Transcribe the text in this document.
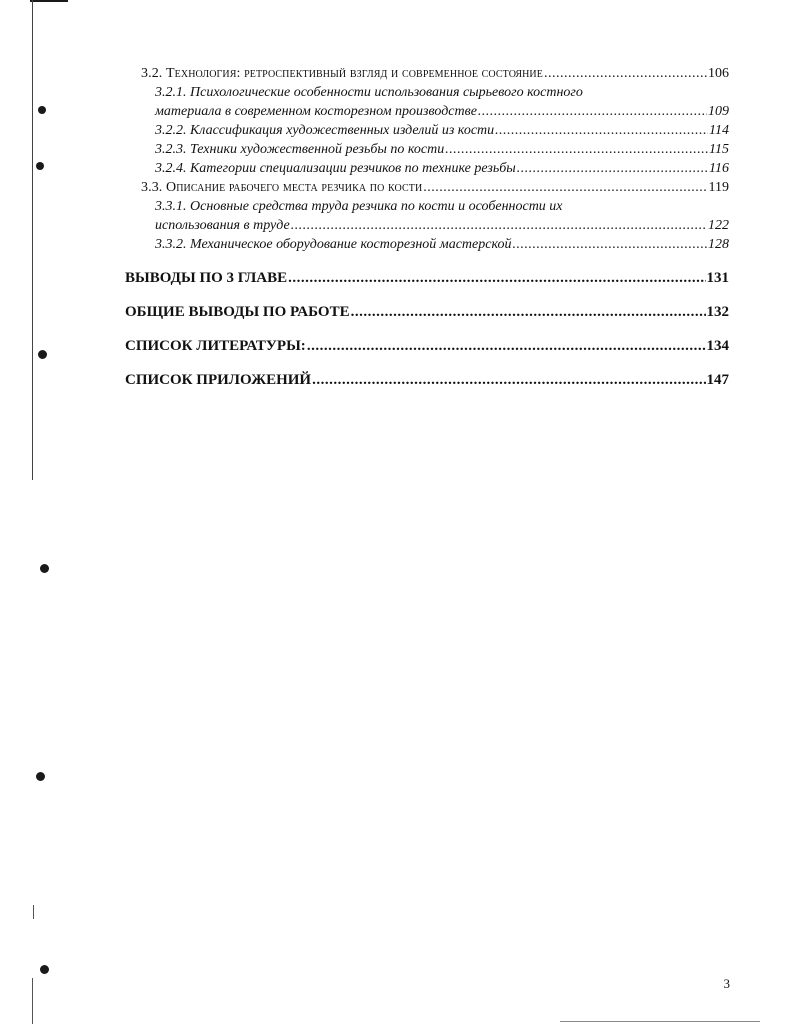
3.2. Технология: ретроспективный взгляд и современное состояние .....	106
3.2.1. Психологические особенности использования сырьевого костного
материала в современном косторезном производстве .....	109
3.2.2. Классификация художественных изделий из кости .....	114
3.2.3. Техники художественной резьбы по кости .....	115
3.2.4. Категории специализации резчиков по технике резьбы .....	116
3.3. Описание рабочего места резчика по кости .....	119
3.3.1. Основные средства труда резчика по кости и особенности их
использования в труде .....	122
3.3.2. Механическое оборудование косторезной мастерской .....	128
ВЫВОДЫ ПО 3 ГЛАВЕ .....	131
ОБЩИЕ ВЫВОДЫ ПО РАБОТЕ .....	132
СПИСОК ЛИТЕРАТУРЫ: .....	134
СПИСОК ПРИЛОЖЕНИЙ .....	147
3
